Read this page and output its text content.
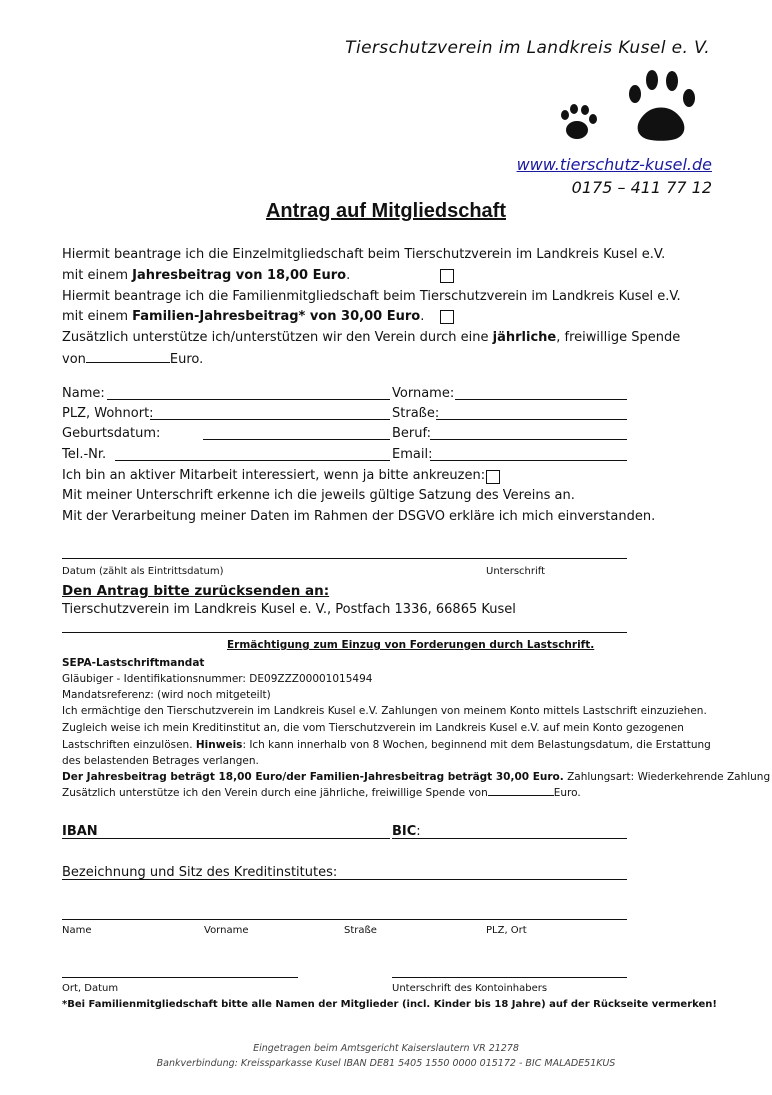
Tierschutzverein im Landkreis Kusel e. V.
www.tierschutz-kusel.de
0175 – 411 77 12
Antrag auf Mitgliedschaft
Hiermit beantrage ich die Einzelmitgliedschaft beim Tierschutzverein im Landkreis Kusel e.V.
mit einem Jahresbeitrag von 18,00 Euro.
Hiermit beantrage ich die Familienmitgliedschaft beim Tierschutzverein im Landkreis Kusel e.V.
mit einem Familien-Jahresbeitrag* von 30,00 Euro.
Zusätzlich unterstütze ich/unterstützen wir den Verein durch eine jährliche, freiwillige Spende
von	Euro.
Name:	Vorname:
PLZ, Wohnort:	Straße:
Geburtsdatum:	Beruf:
Tel.-Nr.	Email:
Ich bin an aktiver Mitarbeit interessiert, wenn ja bitte ankreuzen:
Mit meiner Unterschrift erkenne ich die jeweils gültige Satzung des Vereins an.
Mit der Verarbeitung meiner Daten im Rahmen der DSGVO erkläre ich mich einverstanden.
Datum (zählt als Eintrittsdatum)	Unterschrift
Den Antrag bitte zurücksenden an:
Tierschutzverein im Landkreis Kusel e. V., Postfach 1336, 66865 Kusel
Ermächtigung zum Einzug von Forderungen durch Lastschrift.
SEPA-Lastschriftmandat
Gläubiger - Identifikationsnummer: DE09ZZZ00001015494
Mandatsreferenz: (wird noch mitgeteilt)
Ich ermächtige den Tierschutzverein im Landkreis Kusel e.V. Zahlungen von meinem Konto mittels Lastschrift einzuziehen.
Zugleich weise ich mein Kreditinstitut an, die vom Tierschutzverein im Landkreis Kusel e.V. auf mein Konto gezogenen
Lastschriften einzulösen. Hinweis: Ich kann innerhalb von 8 Wochen, beginnend mit dem Belastungsdatum, die Erstattung
des belastenden Betrages verlangen.
Der Jahresbeitrag beträgt 18,00 Euro/der Familien-Jahresbeitrag beträgt 30,00 Euro. Zahlungsart: Wiederkehrende Zahlung
Zusätzlich unterstütze ich den Verein durch eine jährliche, freiwillige Spende von	Euro.
IBAN	BIC:
Bezeichnung und Sitz des Kreditinstitutes:
Name	Vorname	Straße	PLZ, Ort
Ort, Datum	Unterschrift des Kontoinhabers
*Bei Familienmitgliedschaft bitte alle Namen der Mitglieder (incl. Kinder bis 18 Jahre) auf der Rückseite vermerken!
Eingetragen beim Amtsgericht Kaiserslautern VR 21278
Bankverbindung: Kreissparkasse Kusel IBAN DE81 5405 1550 0000 015172 - BIC MALADE51KUS
